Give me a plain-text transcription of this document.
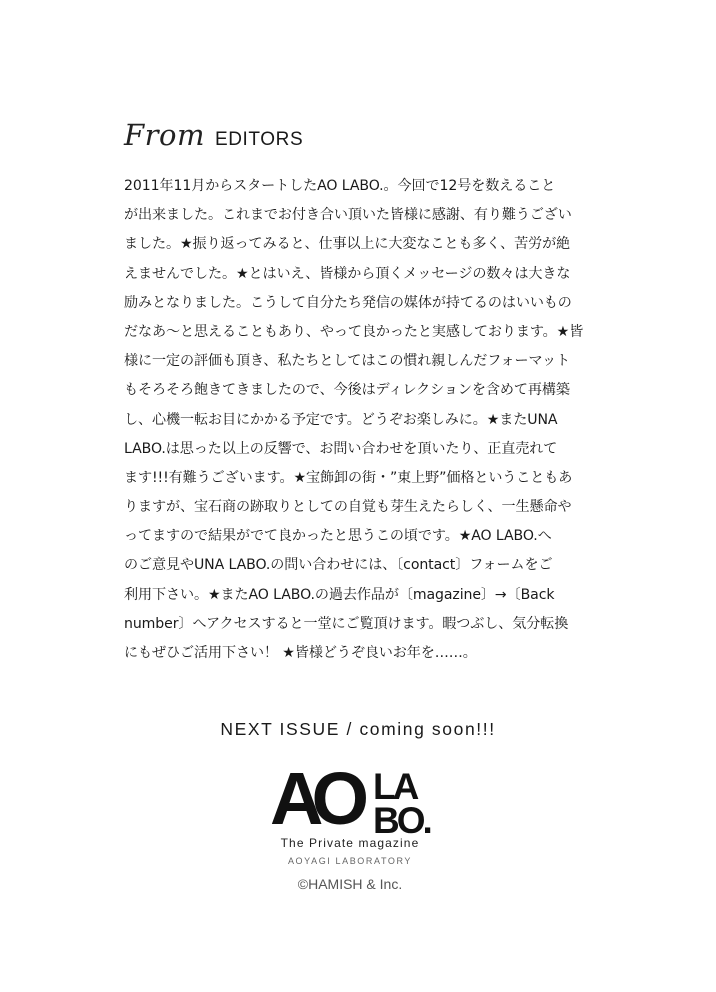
From EDITORS
2011年11月からスタートしたAO LABO.。今回で12号を数えること
が出来ました。これまでお付き合い頂いた皆様に感謝、有り難うござい
ました。★振り返ってみると、仕事以上に大変なことも多く、苦労が絶
えませんでした。★とはいえ、皆様から頂くメッセージの数々は大きな
励みとなりました。こうして自分たち発信の媒体が持てるのはいいもの
だなあ～と思えることもあり、やって良かったと実感しております。★皆
様に一定の評価も頂き、私たちとしてはこの慣れ親しんだフォーマット
もそろそろ飽きてきましたので、今後はディレクションを含めて再構築
し、心機一転お目にかかる予定です。どうぞお楽しみに。★またUNA
LABO.は思った以上の反響で、お問い合わせを頂いたり、正直売れて
ます!!!有難うございます。★宝飾卸の街・”東上野”価格ということもあ
りますが、宝石商の跡取りとしての自覚も芽生えたらしく、一生懸命や
ってますので結果がでて良かったと思うこの頃です。★AO LABO.へ
のご意見やUNA LABO.の問い合わせには、〔contact〕フォームをご
利用下さい。★またAO LABO.の過去作品が〔magazine〕→〔Back
number〕へアクセスすると一堂にご覧頂けます。暇つぶし、気分転換
にもぜひご活用下さい！ ★皆様どうぞ良いお年を……。
NEXT ISSUE / coming soon!!!
AO LA
BO.
The Private magazine
AOYAGI LABORATORY
©HAMISH & Inc.
